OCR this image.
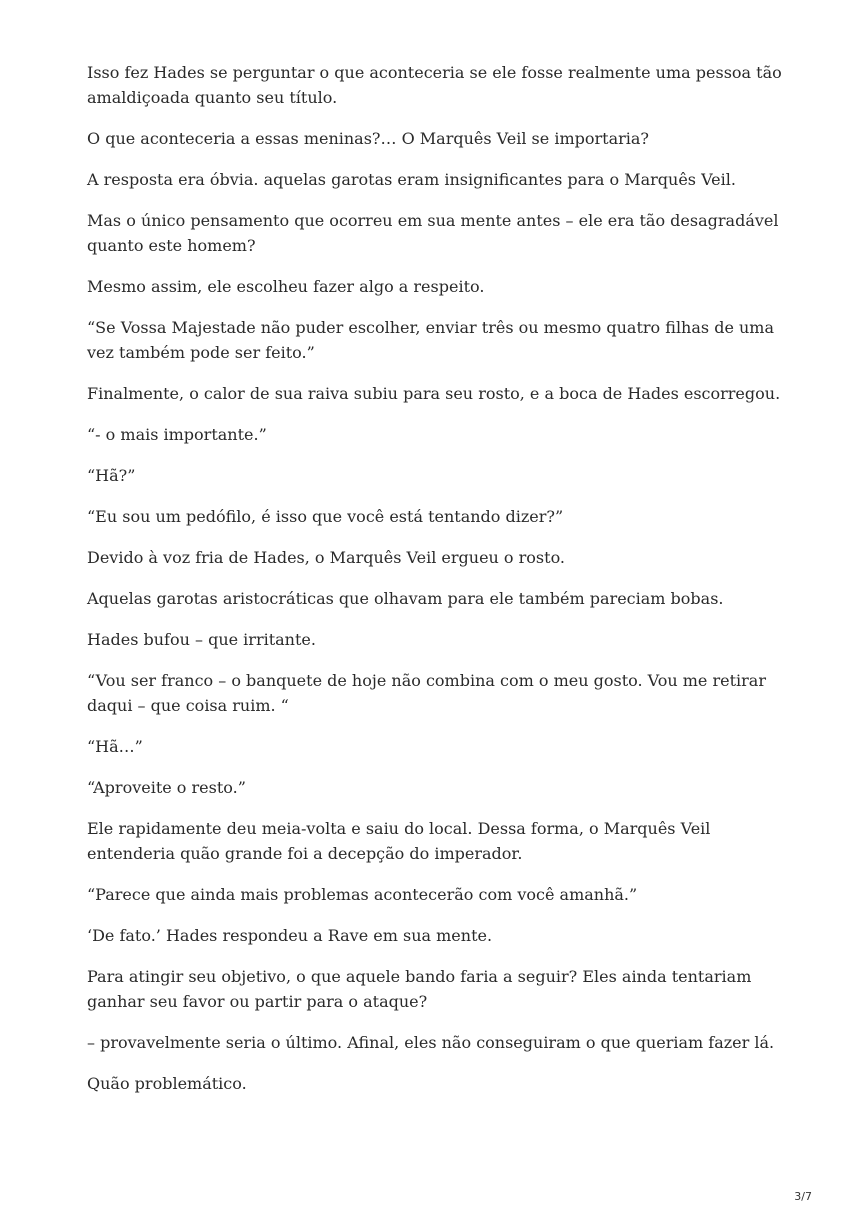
Isso fez Hades se perguntar o que aconteceria se ele fosse realmente uma pessoa tão amaldiçoada quanto seu título.

O que aconteceria a essas meninas?… O Marquês Veil se importaria?

A resposta era óbvia. aquelas garotas eram insignificantes para o Marquês Veil.

Mas o único pensamento que ocorreu em sua mente antes – ele era tão desagradável quanto este homem?

Mesmo assim, ele escolheu fazer algo a respeito.

“Se Vossa Majestade não puder escolher, enviar três ou mesmo quatro filhas de uma vez também pode ser feito.”

Finalmente, o calor de sua raiva subiu para seu rosto, e a boca de Hades escorregou.

“- o mais importante.”

“Hã?”

“Eu sou um pedófilo, é isso que você está tentando dizer?”

Devido à voz fria de Hades, o Marquês Veil ergueu o rosto.

Aquelas garotas aristocráticas que olhavam para ele também pareciam bobas.

Hades bufou – que irritante.

“Vou ser franco – o banquete de hoje não combina com o meu gosto. Vou me retirar daqui – que coisa ruim. “

“Hã…”

“Aproveite o resto.”

Ele rapidamente deu meia-volta e saiu do local. Dessa forma, o Marquês Veil entenderia quão grande foi a decepção do imperador.

“Parece que ainda mais problemas acontecerão com você amanhã.”

‘De fato.’ Hades respondeu a Rave em sua mente.

Para atingir seu objetivo, o que aquele bando faria a seguir? Eles ainda tentariam ganhar seu favor ou partir para o ataque?

– provavelmente seria o último. Afinal, eles não conseguiram o que queriam fazer lá.

Quão problemático.

3/7
